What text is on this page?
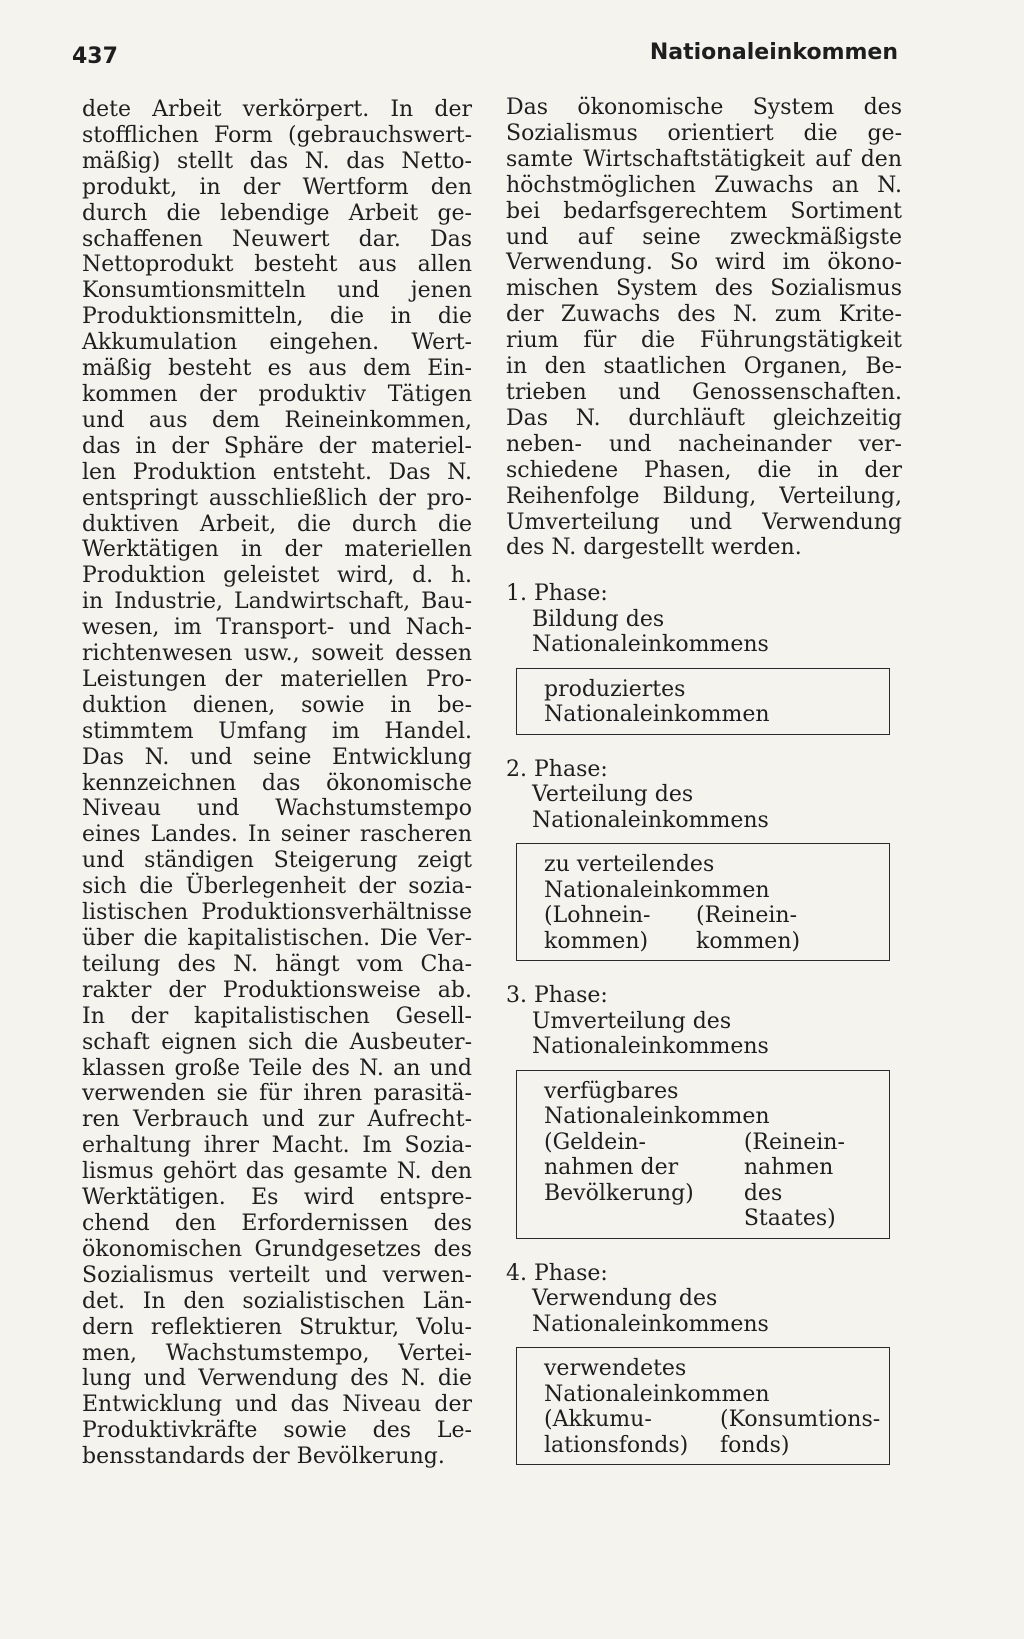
437	Nationaleinkommen
dete Arbeit verkörpert. In der
stofflichen Form (gebrauchswert-
mäßig) stellt das N. das Netto-
produkt, in der Wertform den
durch die lebendige Arbeit ge-
schaffenen Neuwert dar. Das
Nettoprodukt besteht aus allen
Konsumtionsmitteln und jenen
Produktionsmitteln, die in die
Akkumulation eingehen. Wert-
mäßig besteht es aus dem Ein-
kommen der produktiv Tätigen
und aus dem Reineinkommen,
das in der Sphäre der materiel-
len Produktion entsteht. Das N.
entspringt ausschließlich der pro-
duktiven Arbeit, die durch die
Werktätigen in der materiellen
Produktion geleistet wird, d. h.
in Industrie, Landwirtschaft, Bau-
wesen, im Transport- und Nach-
richtenwesen usw., soweit dessen
Leistungen der materiellen Pro-
duktion dienen, sowie in be-
stimmtem Umfang im Handel.
Das N. und seine Entwicklung
kennzeichnen das ökonomische
Niveau und Wachstumstempo
eines Landes. In seiner rascheren
und ständigen Steigerung zeigt
sich die Überlegenheit der sozia-
listischen Produktionsverhältnisse
über die kapitalistischen. Die Ver-
teilung des N. hängt vom Cha-
rakter der Produktionsweise ab.
In der kapitalistischen Gesell-
schaft eignen sich die Ausbeuter-
klassen große Teile des N. an und
verwenden sie für ihren parasitä-
ren Verbrauch und zur Aufrecht-
erhaltung ihrer Macht. Im Sozia-
lismus gehört das gesamte N. den
Werktätigen. Es wird entspre-
chend den Erfordernissen des
ökonomischen Grundgesetzes des
Sozialismus verteilt und verwen-
det. In den sozialistischen Län-
dern reflektieren Struktur, Volu-
men, Wachstumstempo, Vertei-
lung und Verwendung des N. die
Entwicklung und das Niveau der
Produktivkräfte sowie des Le-
bensstandards der Bevölkerung.
Das ökonomische System des
Sozialismus orientiert die ge-
samte Wirtschaftstätigkeit auf den
höchstmöglichen Zuwachs an N.
bei bedarfsgerechtem Sortiment
und auf seine zweckmäßigste
Verwendung. So wird im ökono-
mischen System des Sozialismus
der Zuwachs des N. zum Krite-
rium für die Führungstätigkeit
in den staatlichen Organen, Be-
trieben und Genossenschaften.
Das N. durchläuft gleichzeitig
neben- und nacheinander ver-
schiedene Phasen, die in der
Reihenfolge Bildung, Verteilung,
Umverteilung und Verwendung
des N. dargestellt werden.
1. Phase:
Bildung des
Nationaleinkommens
produziertes
Nationaleinkommen
2. Phase:
Verteilung des
Nationaleinkommens
zu verteilendes
Nationaleinkommen
(Lohnein-
kommen)
(Reinein-
kommen)
3. Phase:
Umverteilung des
Nationaleinkommens
verfügbares
Nationaleinkommen
(Geldein-
nahmen der
Bevölkerung)
(Reinein-
nahmen
des Staates)
4. Phase:
Verwendung des
Nationaleinkommens
verwendetes
Nationaleinkommen
(Akkumu-
lationsfonds)
(Konsumtions-
fonds)
